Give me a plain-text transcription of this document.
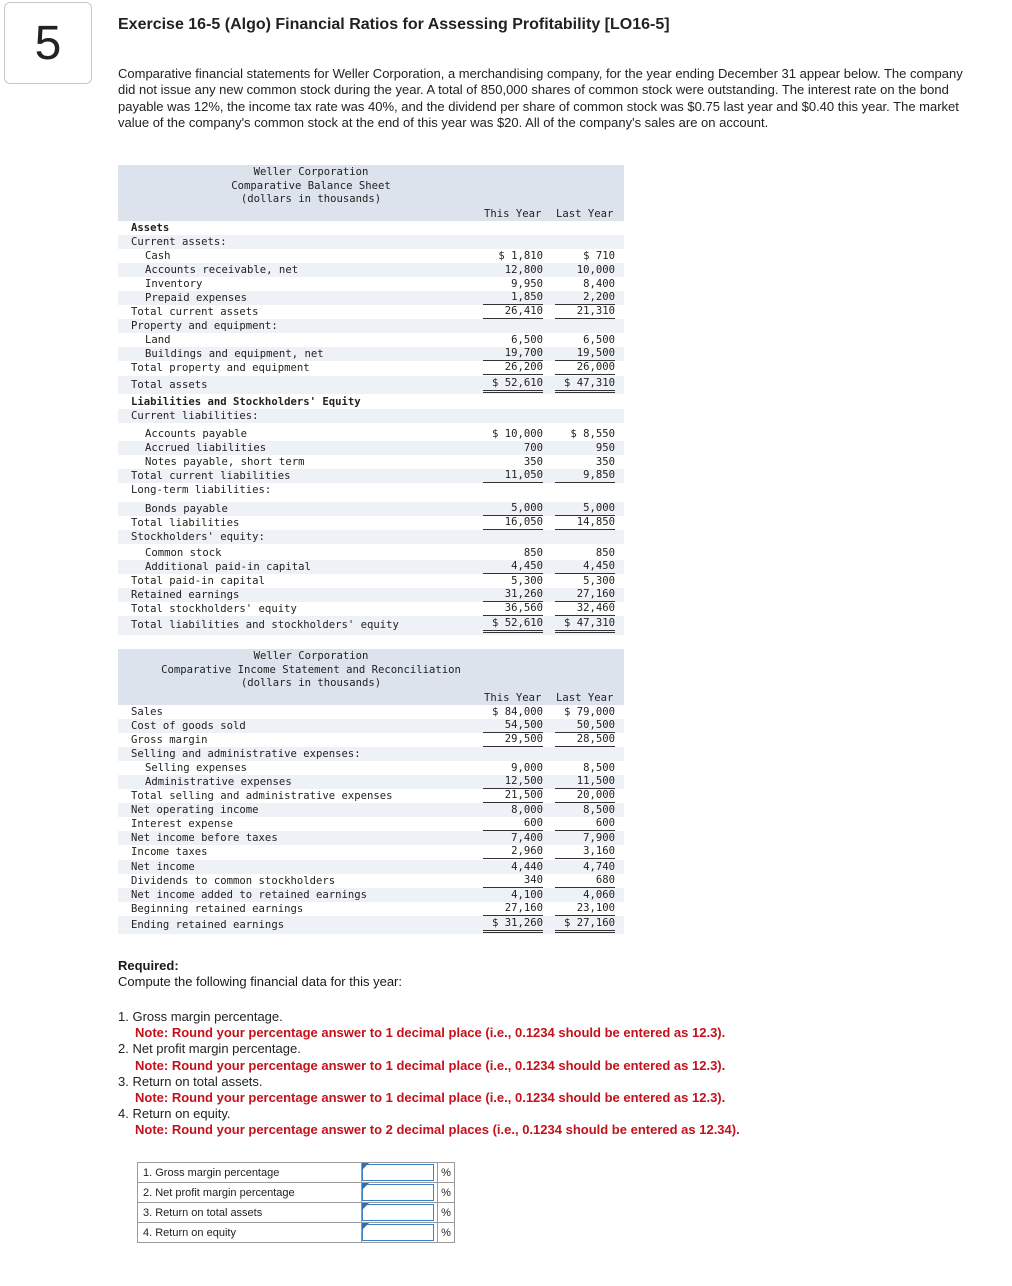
5	Exercise 16-5 (Algo) Financial Ratios for Assessing Profitability [LO16-5]
Comparative financial statements for Weller Corporation, a merchandising company, for the year ending December 31 appear below. The company did not issue any new common stock during the year. A total of 850,000 shares of common stock were outstanding. The interest rate on the bond payable was 12%, the income tax rate was 40%, and the dividend per share of common stock was $0.75 last year and $0.40 this year. The market value of the company's common stock at the end of this year was $20. All of the company's sales are on account.
Weller Corporation
Comparative Balance Sheet
(dollars in thousands)
This Year Last Year
Assets
Current assets:
Cash	$ 1,810	$ 710
Accounts receivable, net	12,800	10,000
Inventory	9,950	8,400
Prepaid expenses	1,850	2,200
Total current assets	26,410	21,310
Property and equipment:
Land	6,500	6,500
Buildings and equipment, net	19,700	19,500
Total property and equipment	26,200	26,000
Total assets	$ 52,610	$ 47,310
Liabilities and Stockholders' Equity
Current liabilities:
Accounts payable	$ 10,000	$ 8,550
Accrued liabilities	700	950
Notes payable, short term	350	350
Total current liabilities	11,050	9,850
Long-term liabilities:
Bonds payable	5,000	5,000
Total liabilities	16,050	14,850
Stockholders' equity:
Common stock	850	850
Additional paid-in capital	4,450	4,450
Total paid-in capital	5,300	5,300
Retained earnings	31,260	27,160
Total stockholders' equity	36,560	32,460
Total liabilities and stockholders' equity	$ 52,610	$ 47,310
Weller Corporation
Comparative Income Statement and Reconciliation
(dollars in thousands)
This Year Last Year
Sales	$ 84,000	$ 79,000
Cost of goods sold	54,500	50,500
Gross margin	29,500	28,500
Selling and administrative expenses:
Selling expenses	9,000	8,500
Administrative expenses	12,500	11,500
Total selling and administrative expenses	21,500	20,000
Net operating income	8,000	8,500
Interest expense	600	600
Net income before taxes	7,400	7,900
Income taxes	2,960	3,160
Net income	4,440	4,740
Dividends to common stockholders	340	680
Net income added to retained earnings	4,100	4,060
Beginning retained earnings	27,160	23,100
Ending retained earnings	$ 31,260	$ 27,160
Required:
Compute the following financial data for this year:
1. Gross margin percentage.
Note: Round your percentage answer to 1 decimal place (i.e., 0.1234 should be entered as 12.3).
2. Net profit margin percentage.
Note: Round your percentage answer to 1 decimal place (i.e., 0.1234 should be entered as 12.3).
3. Return on total assets.
Note: Round your percentage answer to 1 decimal place (i.e., 0.1234 should be entered as 12.3).
4. Return on equity.
Note: Round your percentage answer to 2 decimal places (i.e., 0.1234 should be entered as 12.34).
1. Gross margin percentage		%
2. Net profit margin percentage		%
3. Return on total assets		%
4. Return on equity		%
